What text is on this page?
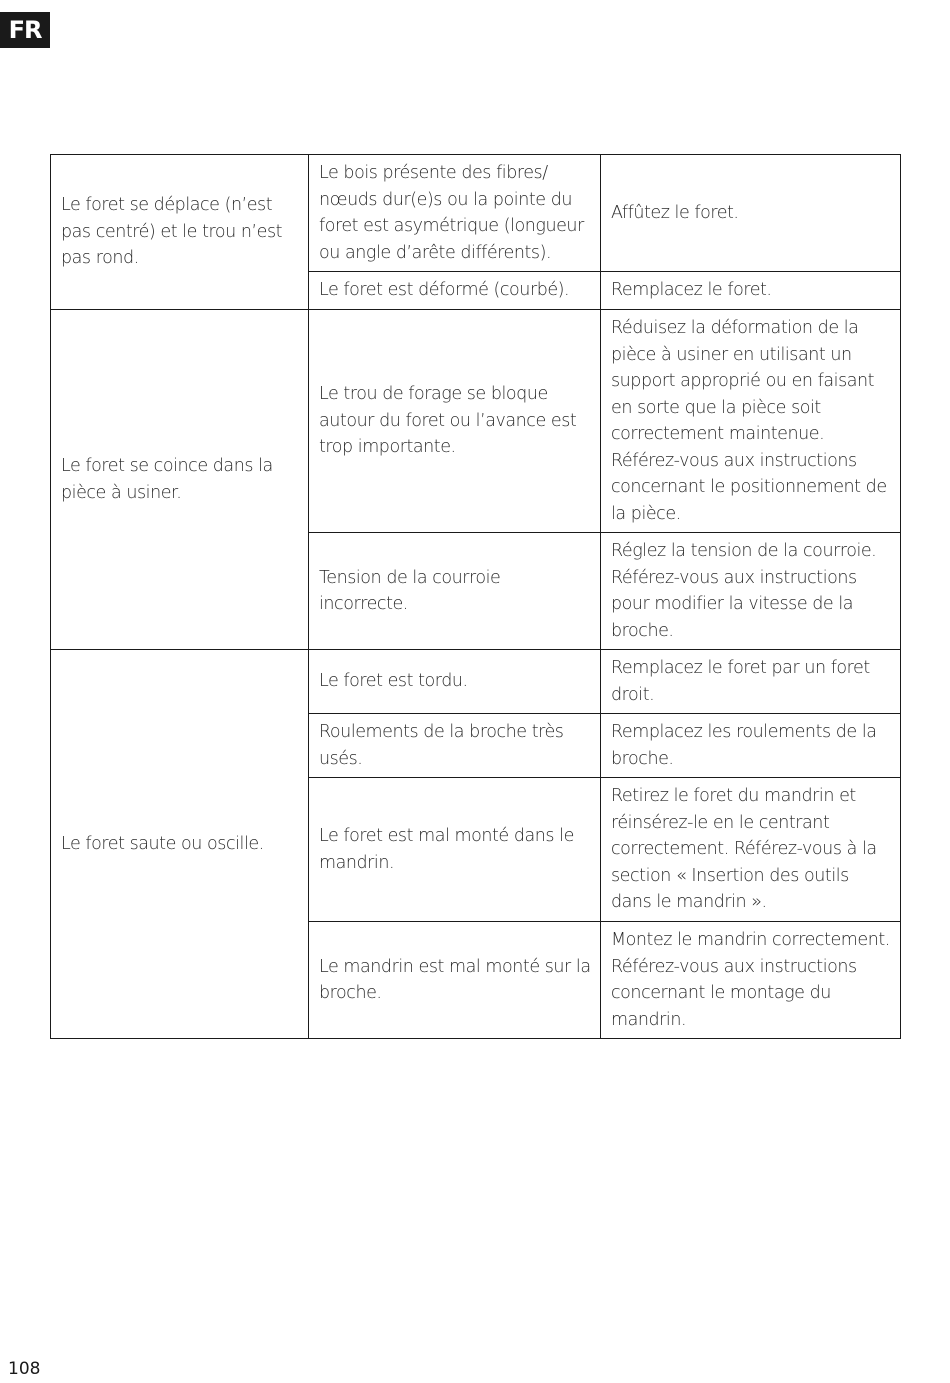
FR
Le foret se déplace (n’est pas centré) et le trou n’est pas rond.	Le bois présente des fibres/ nœuds dur(e)s ou la pointe du foret est asymétrique (longueur ou angle d’arête différents).	Affûtez le foret.
	Le foret est déformé (courbé).	Remplacez le foret.
Le foret se coince dans la pièce à usiner.	Le trou de forage se bloque autour du foret ou l’avance est trop importante.	Réduisez la déformation de la pièce à usiner en utilisant un support approprié ou en faisant en sorte que la pièce soit correctement maintenue. Référez-vous aux instructions concernant le positionnement de la pièce.
	Tension de la courroie incorrecte.	Réglez la tension de la courroie. Référez-vous aux instructions pour modifier la vitesse de la broche.
Le foret saute ou oscille.	Le foret est tordu.	Remplacez le foret par un foret droit.
	Roulements de la broche très usés.	Remplacez les roulements de la broche.
	Le foret est mal monté dans le mandrin.	Retirez le foret du mandrin et réinsérez-le en le centrant correctement. Référez-vous à la section « Insertion des outils dans le mandrin ».
	Le mandrin est mal monté sur la broche.	Montez le mandrin correctement. Référez-vous aux instructions concernant le montage du mandrin.
108
